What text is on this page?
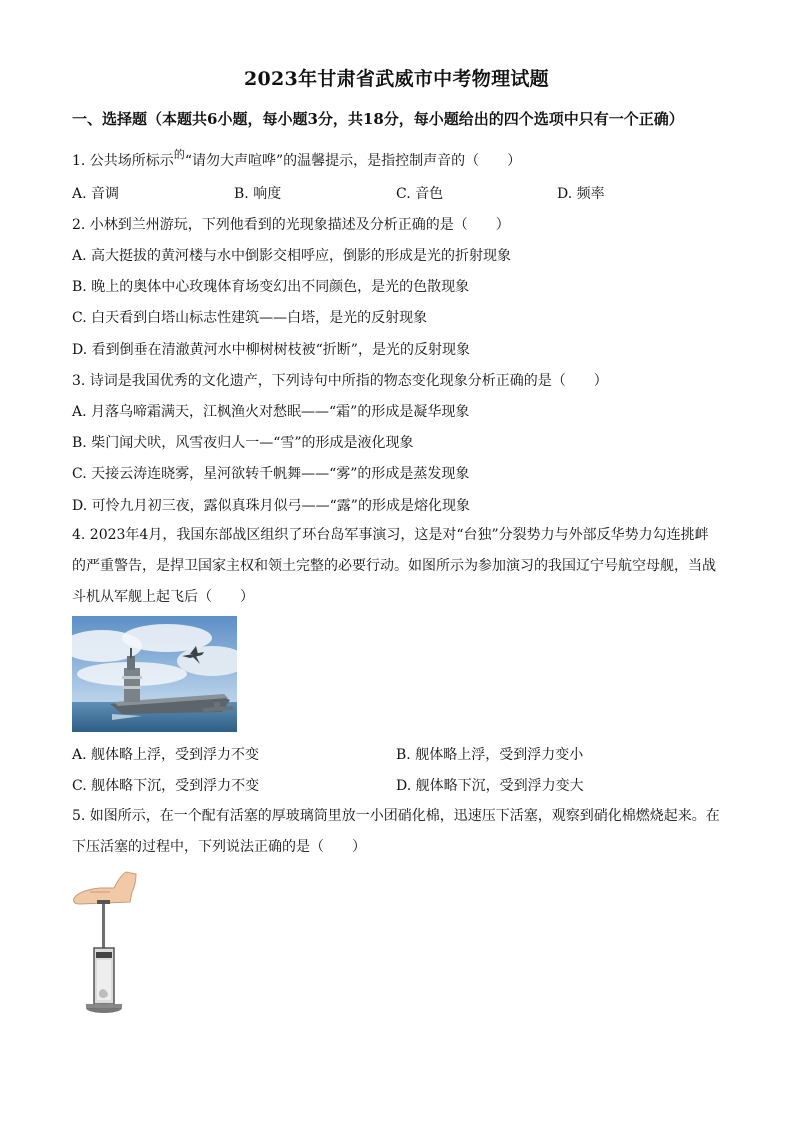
2023年甘肃省武威市中考物理试题
一、选择题（本题共6小题，每小题3分，共18分，每小题给出的四个选项中只有一个正确）
1. 公共场所标示$^的$“请勿大声喧哗”的温馨提示，是指控制声音的（　　）
A. 音调	B. 响度	C. 音色	D. 频率
2. 小林到兰州游玩，下列他看到的光现象描述及分析正确的是（　　）
A. 高大挺拔的黄河楼与水中倒影交相呼应，倒影的形成是光的折射现象
B. 晚上的奥体中心玫瑰体育场变幻出不同颜色，是光的色散现象
C. 白天看到白塔山标志性建筑——白塔，是光的反射现象
D. 看到倒垂在清澈黄河水中柳树树枝被“折断”，是光的反射现象
3. 诗词是我国优秀的文化遗产，下列诗句中所指的物态变化现象分析正确的是（　　）
A. 月落乌啼霜满天，江枫渔火对愁眠——“霜”的形成是凝华现象
B. 柴门闻犬吠，风雪夜归人一—“雪”的形成是液化现象
C. 天接云涛连晓雾，星河欲转千帆舞——“雾”的形成是蒸发现象
D. 可怜九月初三夜，露似真珠月似弓——“露”的形成是熔化现象
4. 2023年4月，我国东部战区组织了环台岛军事演习，这是对“台独”分裂势力与外部反华势力勾连挑衅的严重警告，是捍卫国家主权和领土完整的必要行动。如图所示为参加演习的我国辽宁号航空母舰，当战斗机从军舰上起飞后（　　）
A. 舰体略上浮，受到浮力不变	B. 舰体略上浮，受到浮力变小
C. 舰体略下沉，受到浮力不变	D. 舰体略下沉，受到浮力变大
5. 如图所示，在一个配有活塞的厚玻璃筒里放一小团硝化棉，迅速压下活塞，观察到硝化棉燃烧起来。在下压活塞的过程中，下列说法正确的是（　　）
